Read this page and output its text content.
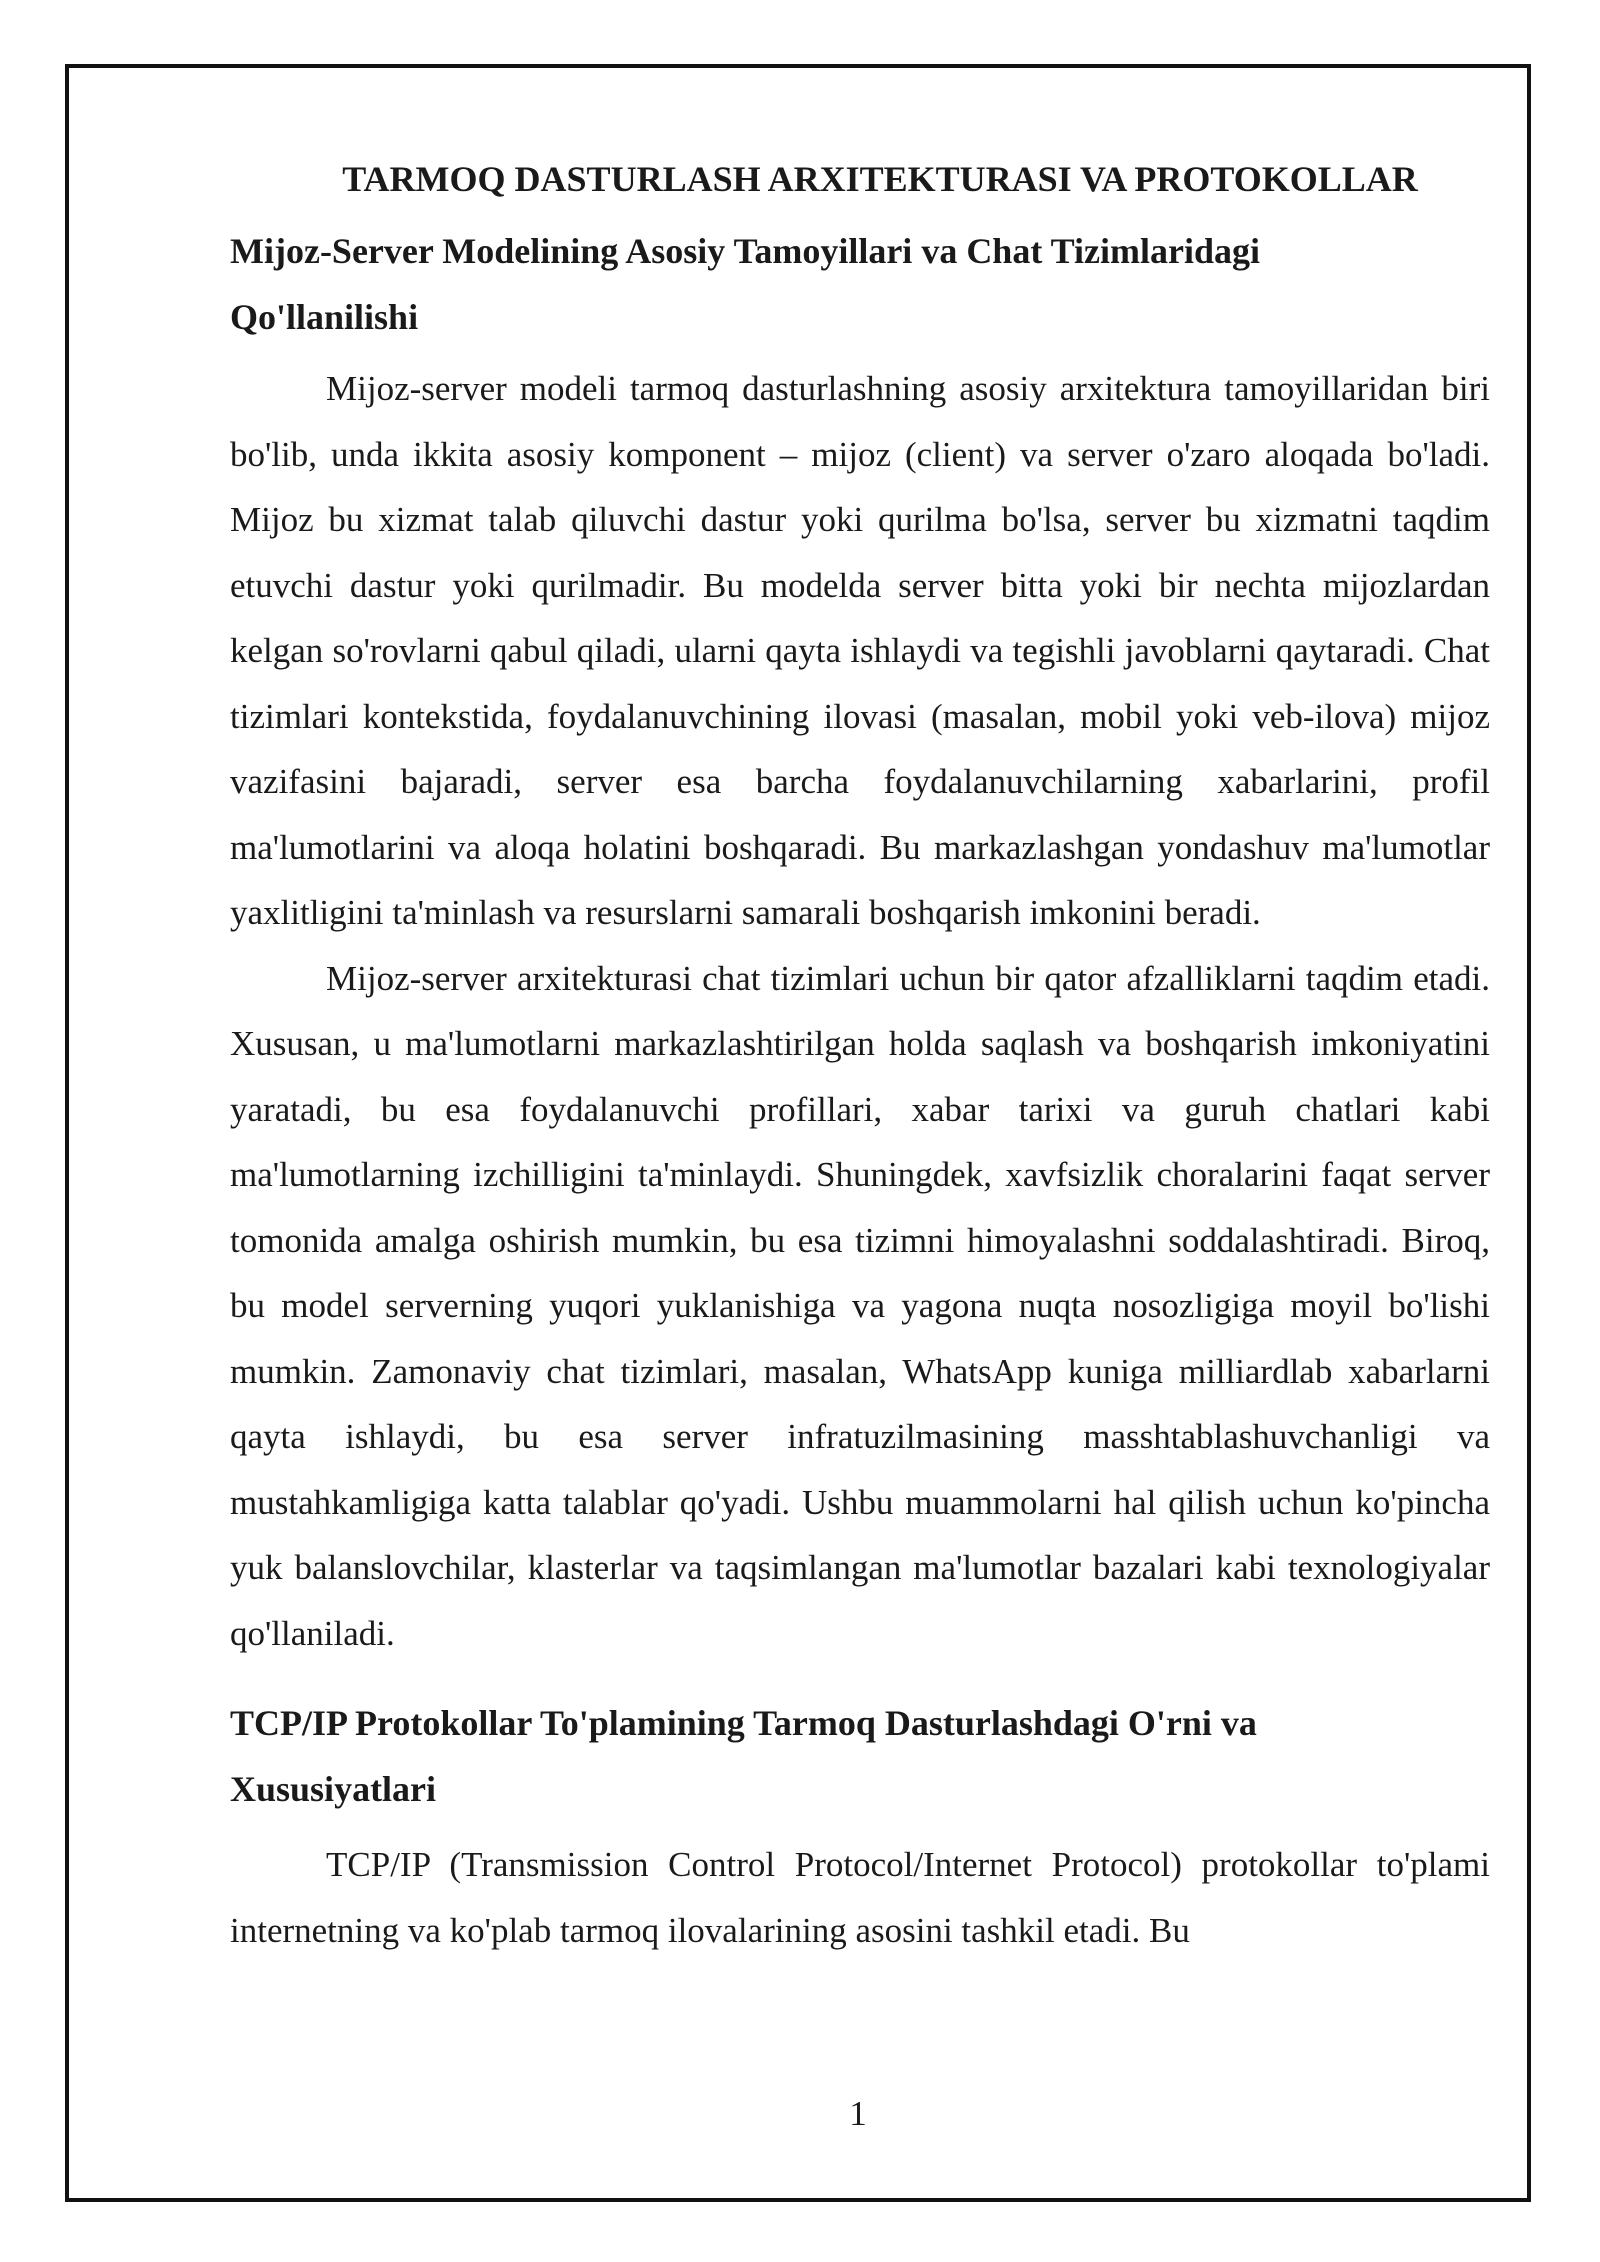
TARMOQ DASTURLASH ARXITEKTURASI VA PROTOKOLLAR
Mijoz-Server Modelining Asosiy Tamoyillari va Chat Tizimlaridagi Qo'llanilishi

Mijoz-server modeli tarmoq dasturlashning asosiy arxitektura tamoyillaridan biri bo'lib, unda ikkita asosiy komponent – mijoz (client) va server o'zaro aloqada bo'ladi. Mijoz bu xizmat talab qiluvchi dastur yoki qurilma bo'lsa, server bu xizmatni taqdim etuvchi dastur yoki qurilmadir. Bu modelda server bitta yoki bir nechta mijozlardan kelgan so'rovlarni qabul qiladi, ularni qayta ishlaydi va tegishli javoblarni qaytaradi. Chat tizimlari kontekstida, foydalanuvchining ilovasi (masalan, mobil yoki veb-ilova) mijoz vazifasini bajaradi, server esa barcha foydalanuvchilarning xabarlarini, profil ma'lumotlarini va aloqa holatini boshqaradi. Bu markazlashgan yondashuv ma'lumotlar yaxlitligini ta'minlash va resurslarni samarali boshqarish imkonini beradi.

Mijoz-server arxitekturasi chat tizimlari uchun bir qator afzalliklarni taqdim etadi. Xususan, u ma'lumotlarni markazlashtirilgan holda saqlash va boshqarish imkoniyatini yaratadi, bu esa foydalanuvchi profillari, xabar tarixi va guruh chatlari kabi ma'lumotlarning izchilligini ta'minlaydi. Shuningdek, xavfsizlik choralarini faqat server tomonida amalga oshirish mumkin, bu esa tizimni himoyalashni soddalashtiradi. Biroq, bu model serverning yuqori yuklanishiga va yagona nuqta nosozligiga moyil bo'lishi mumkin. Zamonaviy chat tizimlari, masalan, WhatsApp kuniga milliardlab xabarlarni qayta ishlaydi, bu esa server infratuzilmasining masshtablashuvchanligi va mustahkamligiga katta talablar qo'yadi. Ushbu muammolarni hal qilish uchun ko'pincha yuk balanslovchilar, klasterlar va taqsimlangan ma'lumotlar bazalari kabi texnologiyalar qo'llaniladi.

TCP/IP Protokollar To'plamining Tarmoq Dasturlashdagi O'rni va Xususiyatlari

TCP/IP (Transmission Control Protocol/Internet Protocol) protokollar to'plami internetning va ko'plab tarmoq ilovalarining asosini tashkil etadi. Bu

1
